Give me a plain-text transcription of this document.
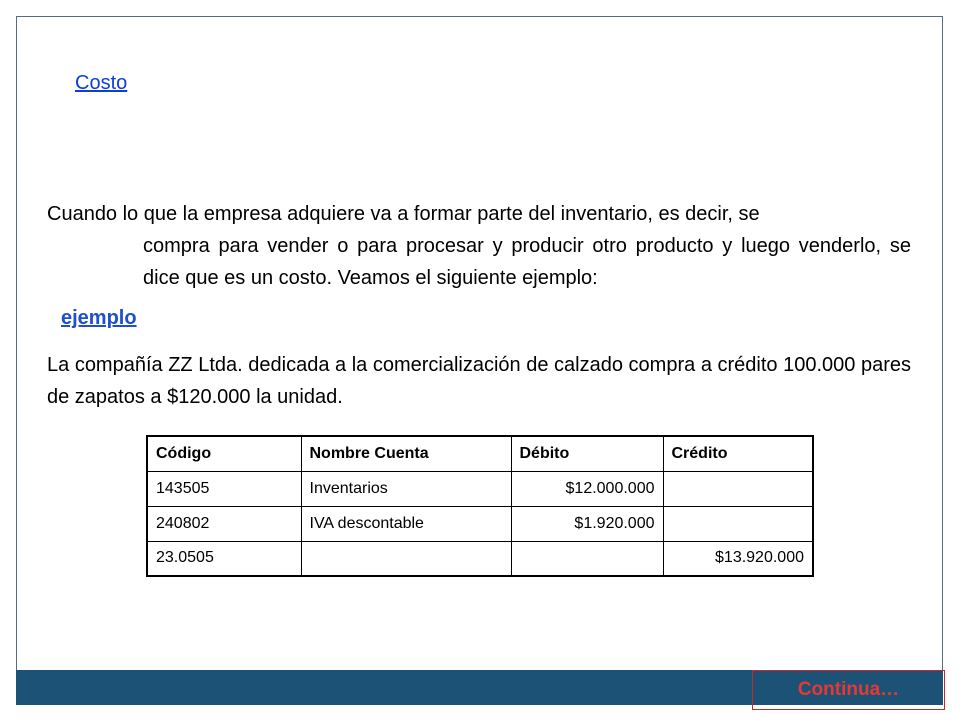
Costo

Cuando lo que la empresa adquiere va a formar parte del inventario, es decir, se
compra para vender o para procesar y producir otro producto y luego venderlo, se dice que es un costo. Veamos el siguiente ejemplo:

ejemplo

La compañía ZZ Ltda. dedicada a la comercialización de calzado compra a crédito 100.000 pares de zapatos a $120.000 la unidad.

Código	Nombre Cuenta	Débito	Crédito
143505	Inventarios	$12.000.000	
240802	IVA descontable	$1.920.000	
23.0505			$13.920.000
Continua…
